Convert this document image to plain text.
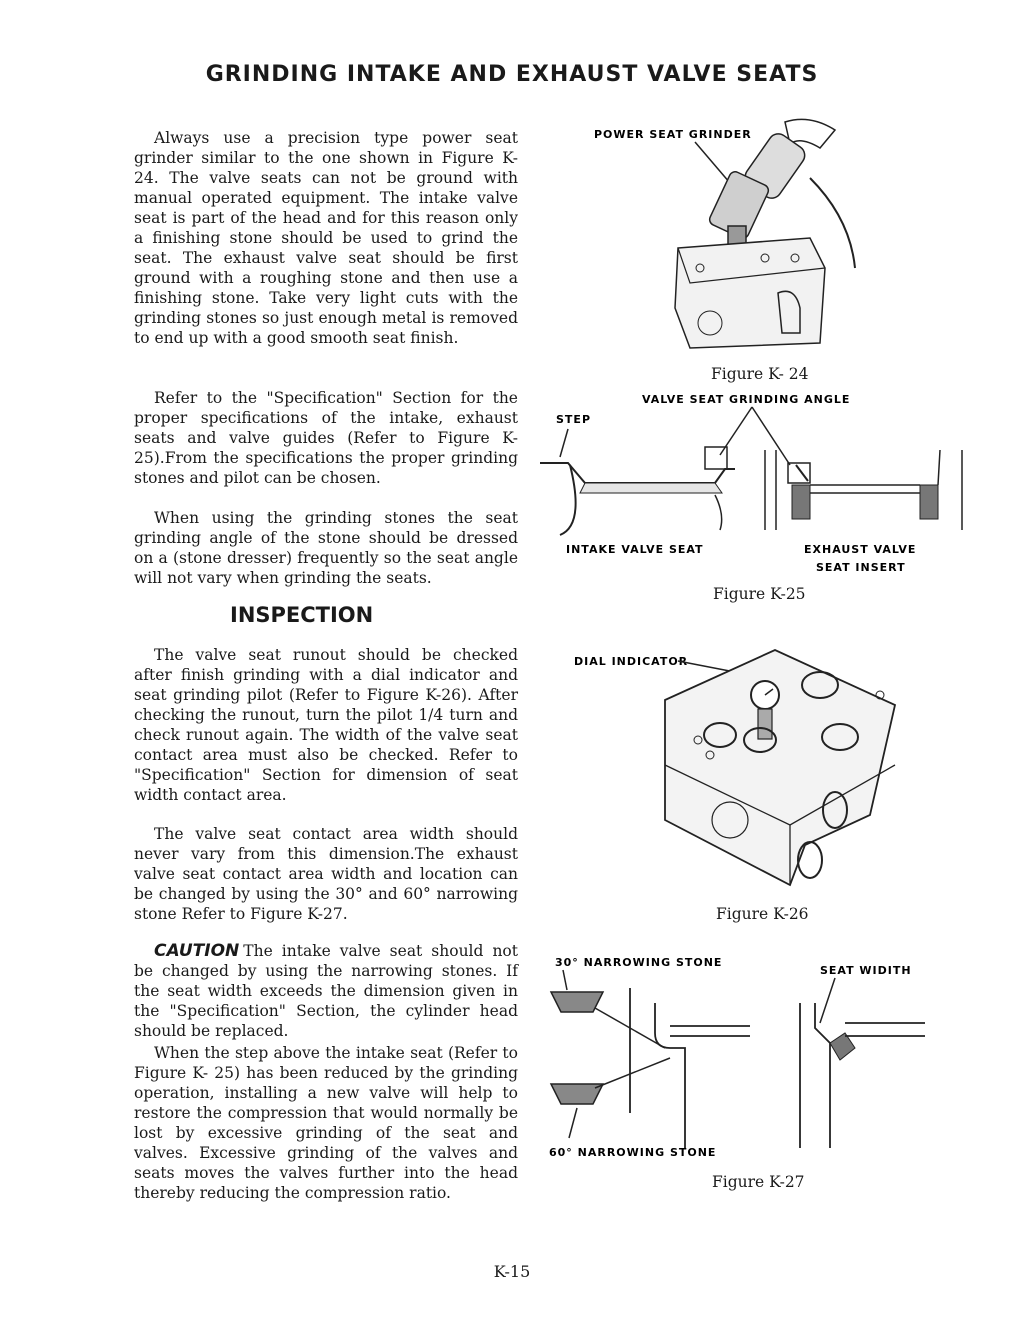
GRINDING INTAKE AND EXHAUST VALVE SEATS

Always use a precision type power seat grinder similar to the one shown in Figure K- 24. The valve seats can not be ground with manual operated equipment. The intake valve seat is part of the head and for this reason only a finishing stone should be used to grind the seat. The exhaust valve seat should be first ground with a roughing stone and then use a finishing stone. Take very light cuts with the grinding stones so just enough metal is removed to end up with a good smooth seat finish.

Refer to the "Specification" Section for the proper specifications of the intake, exhaust seats and valve guides (Refer to Figure K-25).From the specifications the proper grinding stones and pilot can be chosen.

When using the grinding stones the seat grinding angle of the stone should be dressed on a (stone dresser) frequently so the seat angle will not vary when grinding the seats.

INSPECTION

The valve seat runout should be checked after finish grinding with a dial indicator and seat grinding pilot (Refer to Figure K-26). After checking the runout, turn the pilot 1/4 turn and check runout again. The width of the valve seat contact area must also be checked. Refer to "Specification" Section for dimension of seat width contact area.

The valve seat contact area width should never vary from this dimension.The exhaust valve seat contact area width and location can be changed by using the 30° and 60° narrowing stone Refer to Figure K-27.

CAUTION The intake valve seat should not be changed by using the narrowing stones. If the seat width exceeds the dimension given in the "Specification" Section, the cylinder head should be replaced.

When the step above the intake seat (Refer to Figure K- 25) has been reduced by the grinding operation, installing a new valve will help to restore the compression that would normally be lost by excessive grinding of the seat and valves. Excessive grinding of the valves and seats moves the valves further into the head thereby reducing the compression ratio.

POWER SEAT GRINDER
Figure K- 24
VALVE SEAT GRINDING ANGLE
STEP
INTAKE VALVE SEAT	EXHAUST VALVE
SEAT INSERT
Figure K-25
DIAL INDICATOR
Figure K-26
30° NARROWING STONE
60° NARROWING STONE
SEAT WIDITH
Figure K-27
K-15
